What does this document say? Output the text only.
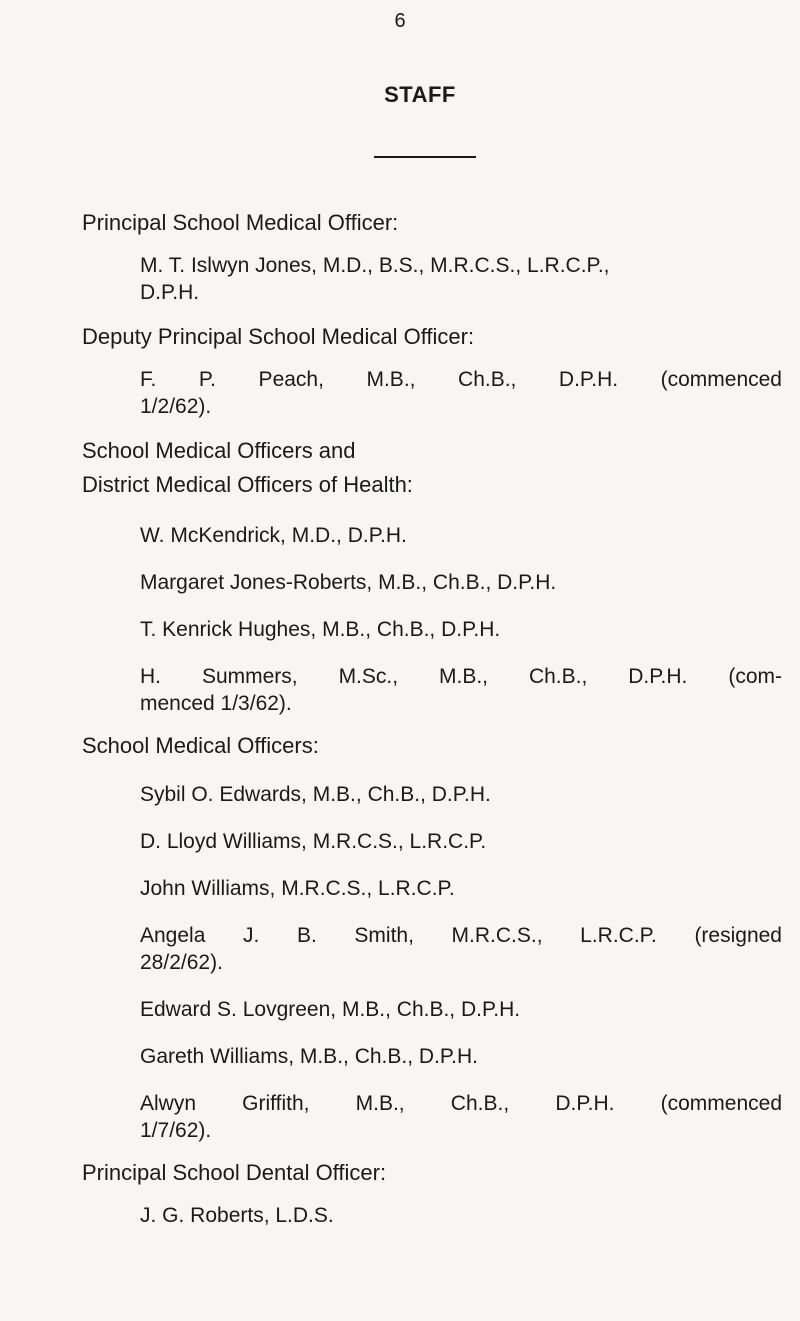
6
STAFF

Principal School Medical Officer:

M. T. Islwyn Jones, M.D., B.S., M.R.C.S., L.R.C.P.,
D.P.H.

Deputy Principal School Medical Officer:

F. P. Peach, M.B., Ch.B., D.P.H. (commenced
1/2/62).

School Medical Officers and

District Medical Officers of Health:

W. McKendrick, M.D., D.P.H.
Margaret Jones-Roberts, M.B., Ch.B., D.P.H.
T. Kenrick Hughes, M.B., Ch.B., D.P.H.
H. Summers, M.Sc., M.B., Ch.B., D.P.H. (com-
menced 1/3/62).

School Medical Officers:

Sybil O. Edwards, M.B., Ch.B., D.P.H.
D. Lloyd Williams, M.R.C.S., L.R.C.P.
John Williams, M.R.C.S., L.R.C.P.
Angela J. B. Smith, M.R.C.S., L.R.C.P. (resigned
28/2/62).
Edward S. Lovgreen, M.B., Ch.B., D.P.H.
Gareth Williams, M.B., Ch.B., D.P.H.
Alwyn Griffith, M.B., Ch.B., D.P.H. (commenced
1/7/62).

Principal School Dental Officer:

J. G. Roberts, L.D.S.
